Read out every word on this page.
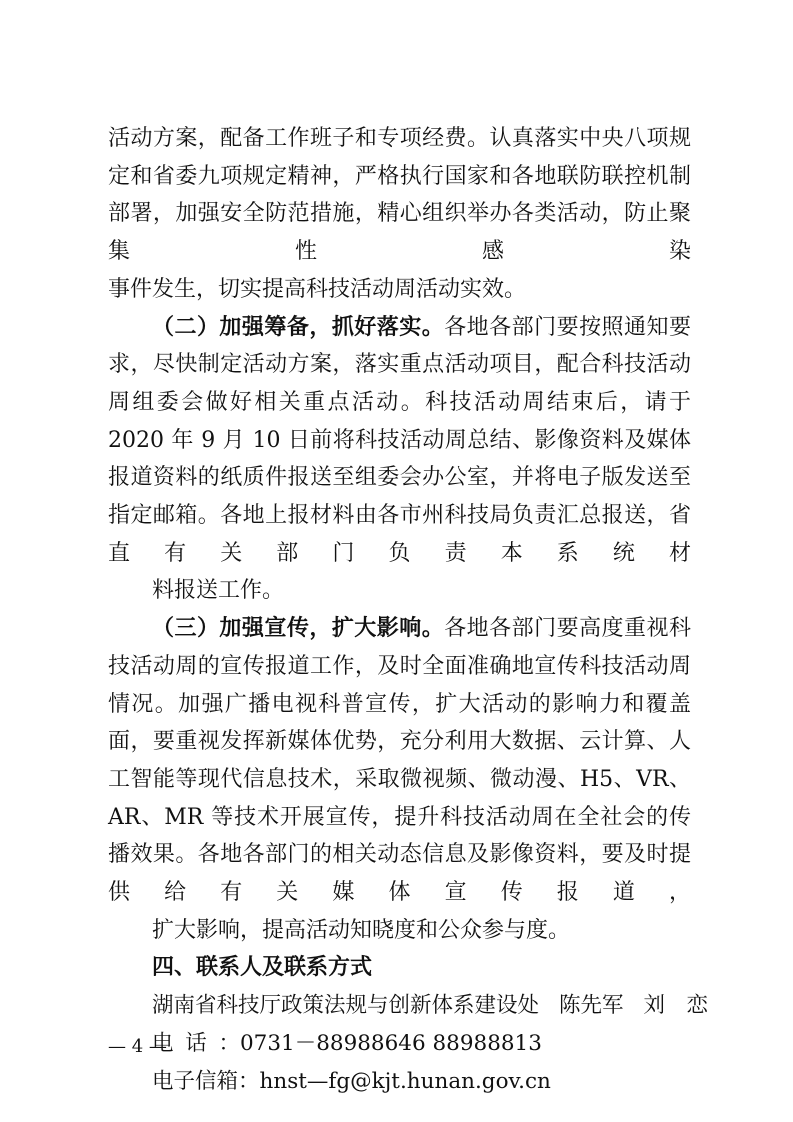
活动方案，配备工作班子和专项经费。认真落实中央八项规定和省委九项规定精神，严格执行国家和各地联防联控机制部署，加强安全防范措施，精心组织举办各类活动，防止聚集性感染
事件发生，切实提高科技活动周活动实效。

（二）加强筹备，抓好落实。各地各部门要按照通知要求，尽快制定活动方案，落实重点活动项目，配合科技活动周组委会做好相关重点活动。科技活动周结束后，请于 2020 年 9 月 10 日前将科技活动周总结、影像资料及媒体报道资料的纸质件报送至组委会办公室，并将电子版发送至指定邮箱。各地上报材料由各市州科技局负责汇总报送，省直有关部门负责本系统材
料报送工作。

（三）加强宣传，扩大影响。各地各部门要高度重视科技活动周的宣传报道工作，及时全面准确地宣传科技活动周情况。加强广播电视科普宣传，扩大活动的影响力和覆盖面，要重视发挥新媒体优势，充分利用大数据、云计算、人工智能等现代信息技术，采取微视频、微动漫、H5、VR、AR、MR 等技术开展宣传，提升科技活动周在全社会的传播效果。各地各部门的相关动态信息及影像资料，要及时提供给有关媒体宣传报道，
扩大影响，提高活动知晓度和公众参与度。

四、联系人及联系方式

湖南省科技厅政策法规与创新体系建设处 陈先军 刘　恋

电话：0731－88988646 88988813

电子信箱：hnst—fg@kjt.hunan.gov.cn

— 4 —
